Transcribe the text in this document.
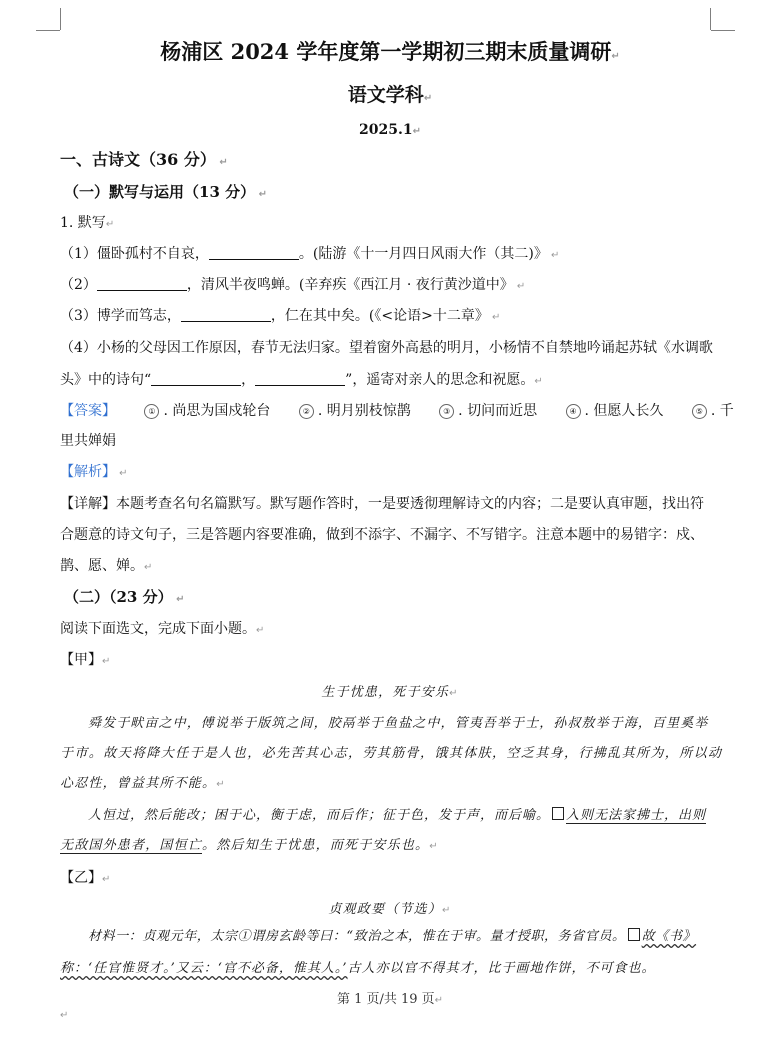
杨浦区 2024 学年度第一学期初三期末质量调研↵
语文学科↵
2025.1↵
一、古诗文（36 分） ↵
（一）默写与运用（13 分） ↵
1. 默写↵
（1）僵卧孤村不自哀，	。(陆游《十一月四日风雨大作（其二)》 ↵
（2）	，清风半夜鸣蝉。(辛弃疾《西江月 · 夜行黄沙道中》 ↵
（3）博学而笃志，	，仁在其中矣。(《<论语>十二章》 ↵
（4）小杨的父母因工作原因，春节无法归家。望着窗外高悬的明月，小杨情不自禁地吟诵起苏轼《水调歌
头》中的诗句“	，	”，遥寄对亲人的思念和祝愿。↵
【答案】	① . 尚思为国戍轮台	② . 明月别枝惊鹊	③ . 切问而近思	④ . 但愿人长久	⑤ . 千
里共婵娟
【解析】 ↵
【详解】本题考查名句名篇默写。默写题作答时，一是要透彻理解诗文的内容；二是要认真审题，找出符
合题意的诗文句子，三是答题内容要准确，做到不添字、不漏字、不写错字。注意本题中的易错字：戍、
鹊、愿、婵。↵
（二）（23 分） ↵
阅读下面选文，完成下面小题。↵
【甲】↵
生于忧患，死于安乐↵
舜发于畎亩之中，傅说举于版筑之间，胶鬲举于鱼盐之中，管夷吾举于士，孙叔敖举于海，百里奚举
于市。故天将降大任于是人也，必先苦其心志，劳其筋骨，饿其体肤，空乏其身，行拂乱其所为，所以动
心忍性，曾益其所不能。↵
人恒过，然后能改；困于心，衡于虑，而后作；征于色，发于声，而后喻。 入则无法家拂士，出则
无敌国外患者，国恒亡。然后知生于忧患，而死于安乐也。↵
【乙】↵
贞观政要（节选）↵
材料一：贞观元年，太宗①谓房玄龄等曰：“致治之本，惟在于审。量才授职，务省官员。 故《书》
称：‘任官惟贤才。’又云：‘官不必备，惟其人。’古人亦以官不得其才，比于画地作饼，不可食也。
第 1 页/共 19 页↵
↵
